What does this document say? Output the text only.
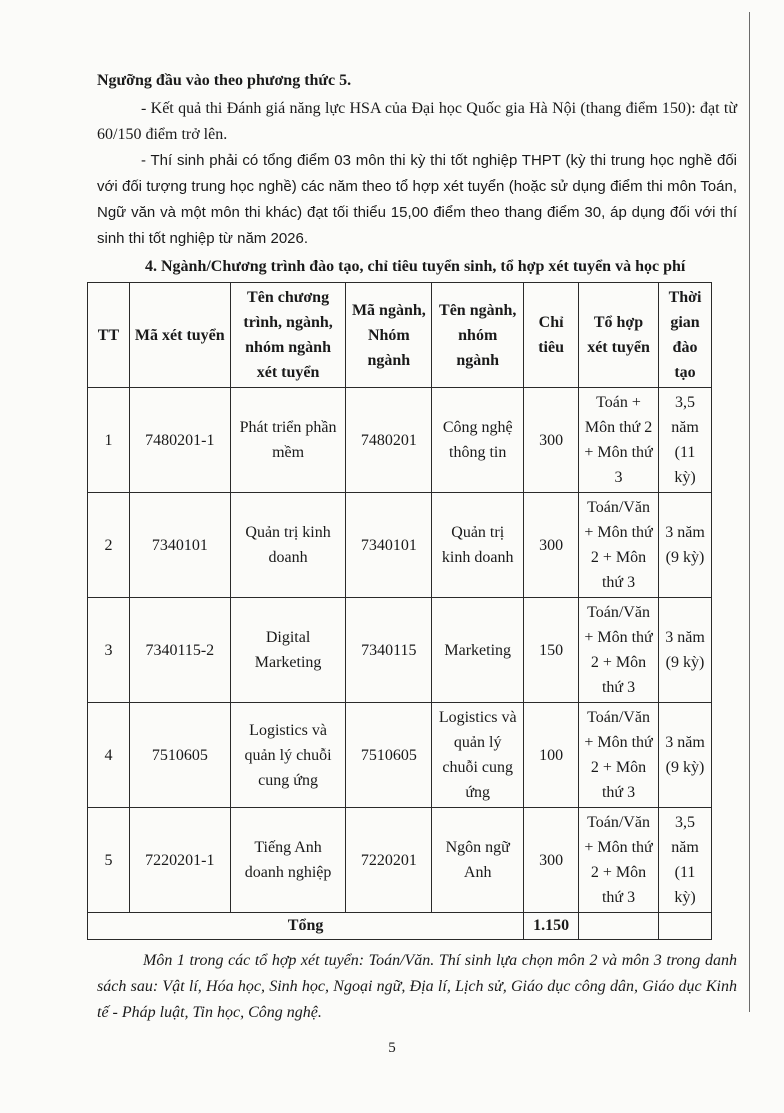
Ngưỡng đầu vào theo phương thức 5.

- Kết quả thi Đánh giá năng lực HSA của Đại học Quốc gia Hà Nội (thang điểm 150): đạt từ 60/150 điểm trở lên.

- Thí sinh phải có tổng điểm 03 môn thi kỳ thi tốt nghiệp THPT (kỳ thi trung học nghề đối với đối tượng trung học nghề) các năm theo tổ hợp xét tuyển (hoặc sử dụng điểm thi môn Toán, Ngữ văn và một môn thi khác) đạt tối thiểu 15,00 điểm theo thang điểm 30, áp dụng đối với thí sinh thi tốt nghiệp từ năm 2026.

4. Ngành/Chương trình đào tạo, chỉ tiêu tuyển sinh, tổ hợp xét tuyển và học phí

TT	Mã xét tuyển	Tên chương trình, ngành, nhóm ngành xét tuyển	Mã ngành, Nhóm ngành	Tên ngành, nhóm ngành	Chỉ tiêu	Tổ hợp xét tuyển	Thời gian đào tạo
1	7480201-1	Phát triển phần mềm	7480201	Công nghệ thông tin	300	Toán + Môn thứ 2 + Môn thứ 3	3,5 năm (11 kỳ)
2	7340101	Quản trị kinh doanh	7340101	Quản trị kinh doanh	300	Toán/Văn + Môn thứ 2 + Môn thứ 3	3 năm (9 kỳ)
3	7340115-2	Digital Marketing	7340115	Marketing	150	Toán/Văn + Môn thứ 2 + Môn thứ 3	3 năm (9 kỳ)
4	7510605	Logistics và quản lý chuỗi cung ứng	7510605	Logistics và quản lý chuỗi cung ứng	100	Toán/Văn + Môn thứ 2 + Môn thứ 3	3 năm (9 kỳ)
5	7220201-1	Tiếng Anh doanh nghiệp	7220201	Ngôn ngữ Anh	300	Toán/Văn + Môn thứ 2 + Môn thứ 3	3,5 năm (11 kỳ)
Tổng					1.150		

Môn 1 trong các tổ hợp xét tuyển: Toán/Văn. Thí sinh lựa chọn môn 2 và môn 3 trong danh sách sau: Vật lí, Hóa học, Sinh học, Ngoại ngữ, Địa lí, Lịch sử, Giáo dục công dân, Giáo dục Kinh tế - Pháp luật, Tin học, Công nghệ.

5
